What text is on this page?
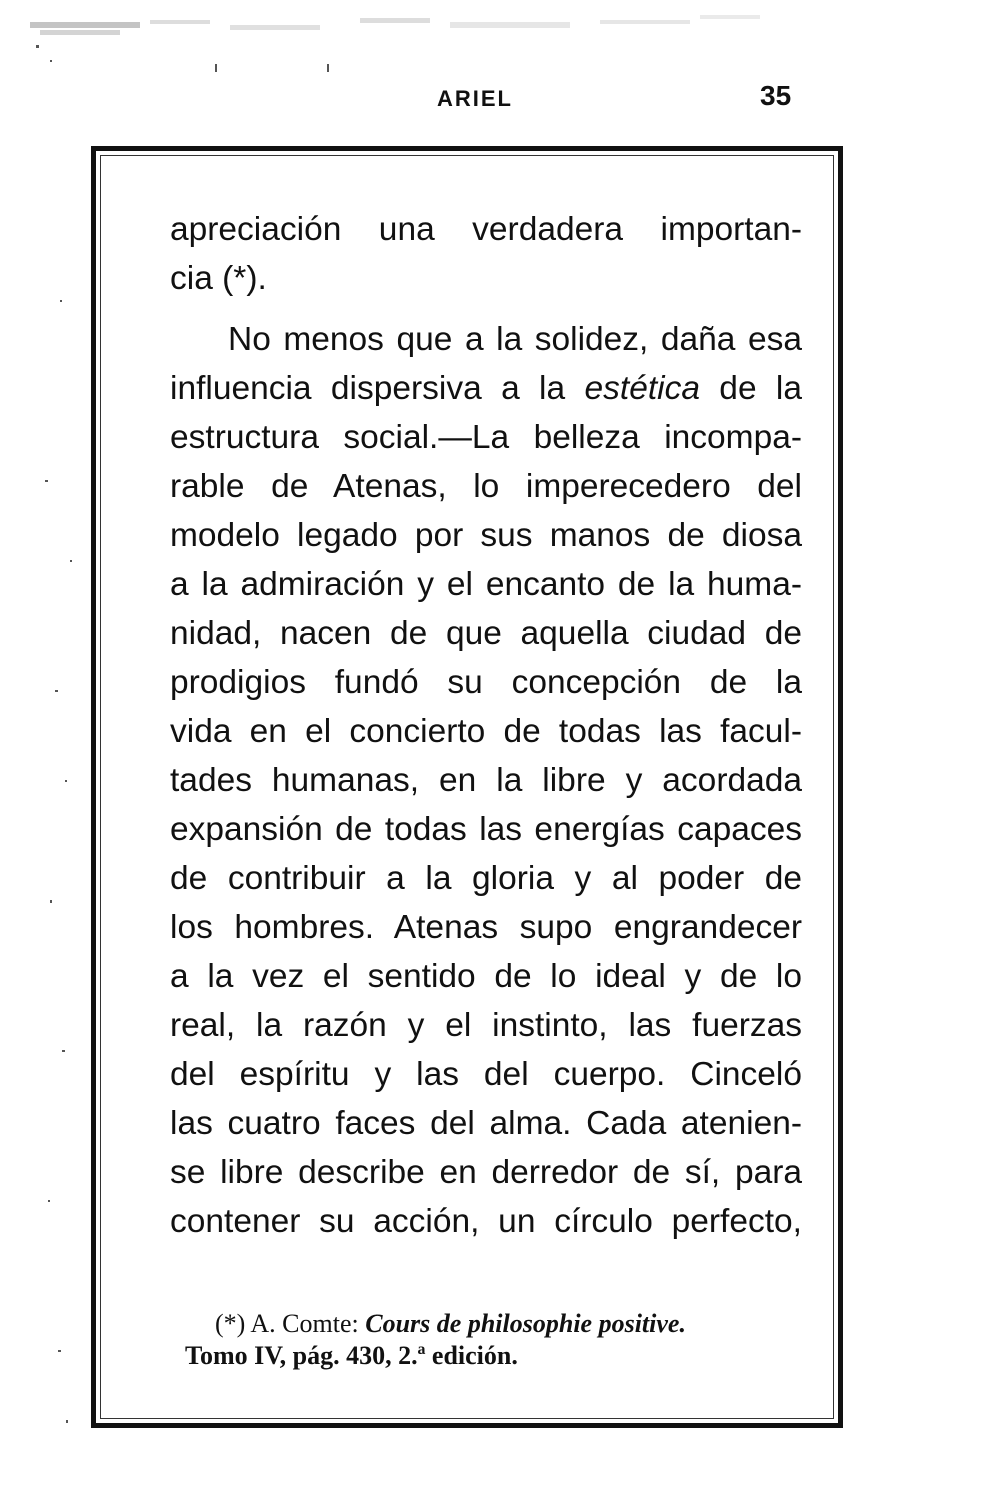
ARIEL	35
apreciación una verdadera importan-
cia (*).
No menos que a la solidez, daña esa
influencia dispersiva a la estética de la
estructura social.—La belleza incompa-
rable de Atenas, lo imperecedero del
modelo legado por sus manos de diosa
a la admiración y el encanto de la huma-
nidad, nacen de que aquella ciudad de
prodigios fundó su concepción de la
vida en el concierto de todas las facul-
tades humanas, en la libre y acordada
expansión de todas las energías capaces
de contribuir a la gloria y al poder de
los hombres. Atenas supo engrandecer
a la vez el sentido de lo ideal y de lo
real, la razón y el instinto, las fuerzas
del espíritu y las del cuerpo. Cinceló
las cuatro faces del alma. Cada atenien-
se libre describe en derredor de sí, para
contener su acción, un círculo perfecto,
(*) A. Comte: Cours de philosophie positive.
Tomo IV, pág. 430, 2.ª edición.
